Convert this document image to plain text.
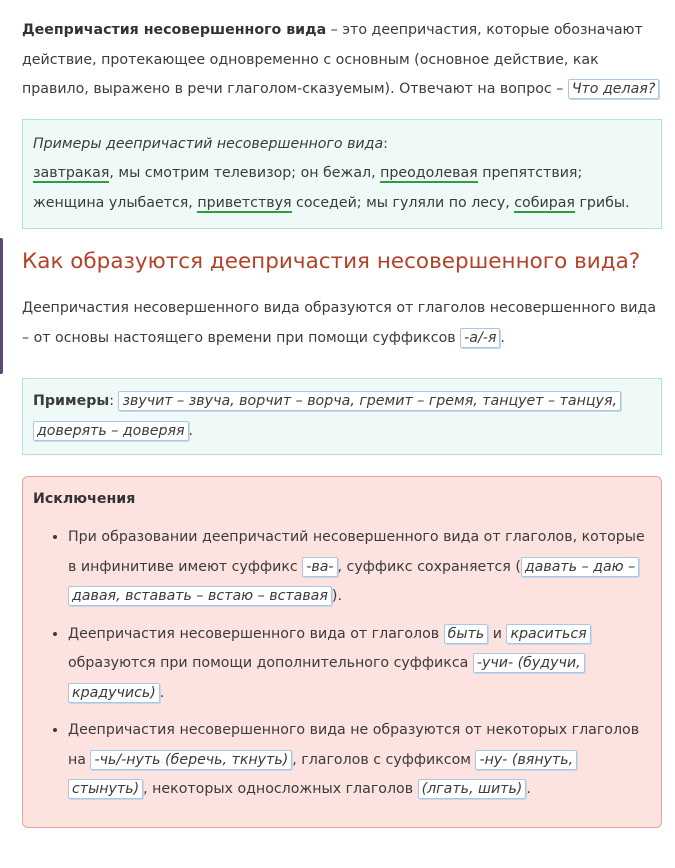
Деепричастия несовершенного вида – это деепричастия, которые обозначают действие, протекающее одновременно с основным (основное действие, как правило, выражено в речи глаголом-сказуемым). Отвечают на вопрос – Что делая?

Примеры деепричастий несовершенного вида:
завтракая, мы смотрим телевизор; он бежал, преодолевая препятствия; женщина улыбается, приветствуя соседей; мы гуляли по лесу, собирая грибы.
Как образуются деепричастия несовершенного вида?

Деепричастия несовершенного вида образуются от глаголов несовершенного вида – от основы настоящего времени при помощи суффиксов -а/-я .

Примеры: звучит – звуча, ворчит – ворча, гремит – гремя, танцует – танцуя, доверять – доверяя .
Исключения
• При образовании деепричастий несовершенного вида от глаголов, которые в инфинитиве имеют суффикс -ва- , суффикс сохраняется ( давать – даю – давая, вставать – встаю – вставая ).
• Деепричастия несовершенного вида от глаголов быть и краситься образуются при помощи дополнительного суффикса -учи- (будучи, крадучись) .
• Деепричастия несовершенного вида не образуются от некоторых глаголов на -чь/-нуть (беречь, ткнуть) , глаголов с суффиксом -ну- (вянуть, стынуть) , некоторых односложных глаголов (лгать, шить) .
